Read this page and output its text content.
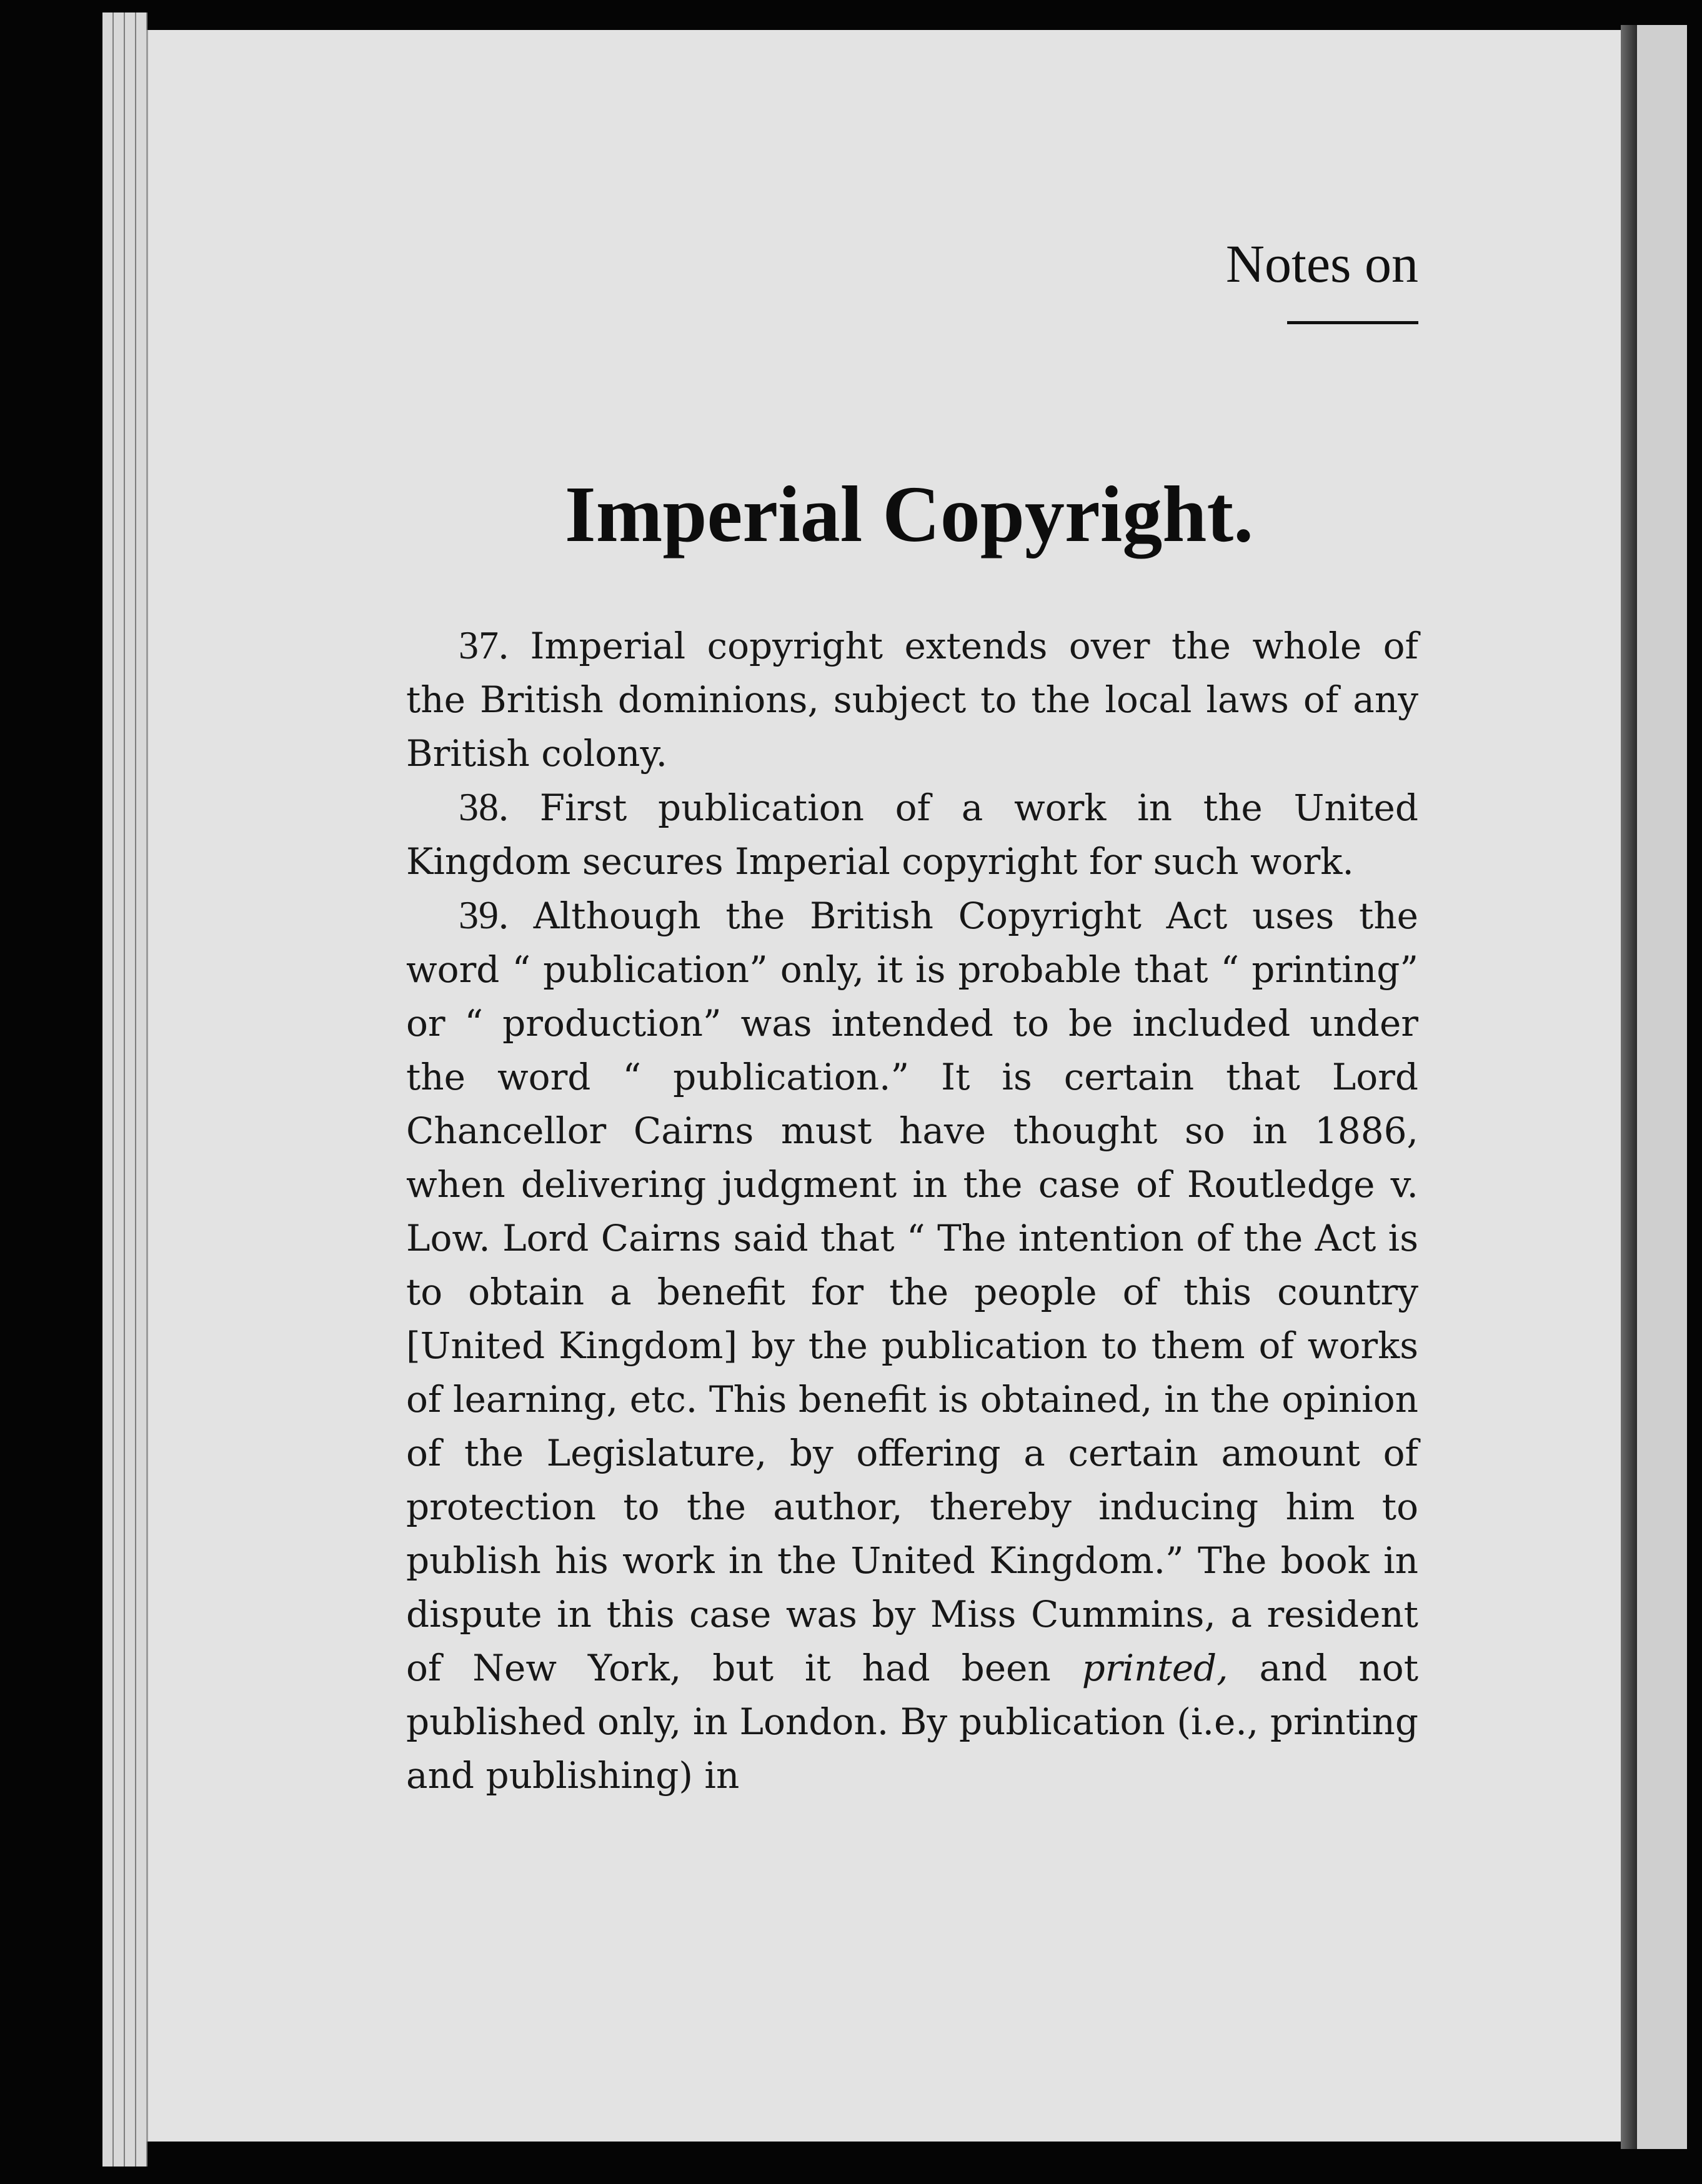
Notes on

Imperial Copyright.

37. Imperial copyright extends over the whole of the British dominions, subject to the local laws of any British colony.

38. First publication of a work in the United Kingdom secures Imperial copyright for such work.

39. Although the British Copyright Act uses the word “ publication” only, it is probable that “ printing” or “ production” was intended to be included under the word “ publication.” It is certain that Lord Chancellor Cairns must have thought so in 1886, when delivering judgment in the case of Routledge v. Low. Lord Cairns said that “ The intention of the Act is to obtain a benefit for the people of this country [United Kingdom] by the publication to them of works of learning, etc. This benefit is obtained, in the opinion of the Legislature, by offering a certain amount of protection to the author, thereby inducing him to publish his work in the United Kingdom.” The book in dispute in this case was by Miss Cummins, a resident of New York, but it had been printed, and not published only, in London. By publication (i.e., printing and publishing) in
